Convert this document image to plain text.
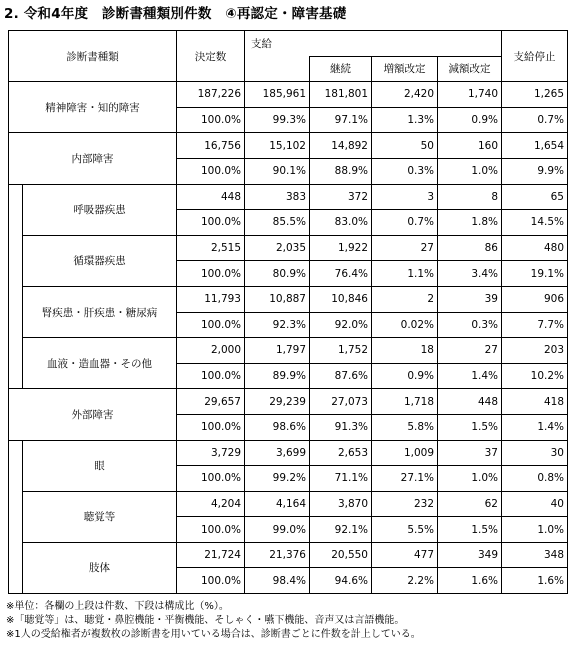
2. 令和4年度　診断書種類別件数　④再認定・障害基礎
診断書種類		決定数	支給				支給停止
				継続	増額改定	減額改定	
精神障害・知的障害		187,226	185,961	181,801	2,420	1,740	1,265
		100.0%	99.3%	97.1%	1.3%	0.9%	0.7%
内部障害		16,756	15,102	14,892	50	160	1,654
		100.0%	90.1%	88.9%	0.3%	1.0%	9.9%
	呼吸器疾患	448	383	372	3	8	65
		100.0%	85.5%	83.0%	0.7%	1.8%	14.5%
	循環器疾患	2,515	2,035	1,922	27	86	480
		100.0%	80.9%	76.4%	1.1%	3.4%	19.1%
	腎疾患・肝疾患・糖尿病	11,793	10,887	10,846	2	39	906
		100.0%	92.3%	92.0%	0.02%	0.3%	7.7%
	血液・造血器・その他	2,000	1,797	1,752	18	27	203
		100.0%	89.9%	87.6%	0.9%	1.4%	10.2%
外部障害		29,657	29,239	27,073	1,718	448	418
		100.0%	98.6%	91.3%	5.8%	1.5%	1.4%
	眼	3,729	3,699	2,653	1,009	37	30
		100.0%	99.2%	71.1%	27.1%	1.0%	0.8%
	聴覚等	4,204	4,164	3,870	232	62	40
		100.0%	99.0%	92.1%	5.5%	1.5%	1.0%
	肢体	21,724	21,376	20,550	477	349	348
		100.0%	98.4%	94.6%	2.2%	1.6%	1.6%
※単位：各欄の上段は件数、下段は構成比（%）。
※「聴覚等」は、聴覚・鼻腔機能・平衡機能、そしゃく・嚥下機能、音声又は言語機能。
※1人の受給権者が複数枚の診断書を用いている場合は、診断書ごとに件数を計上している。
